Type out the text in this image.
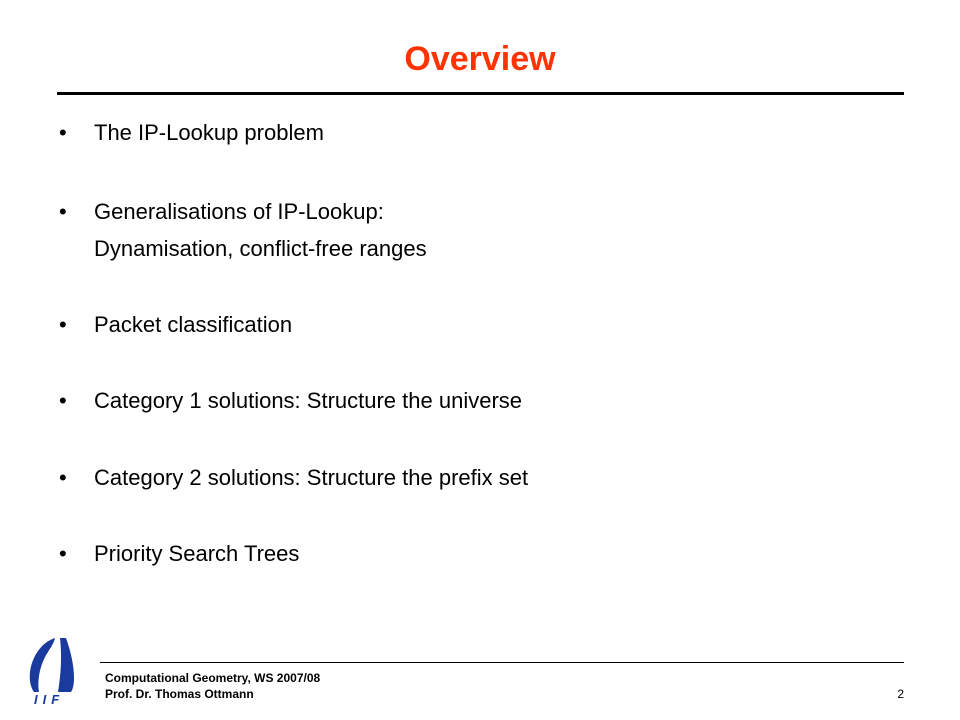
Overview
•	The IP-Lookup problem
•	Generalisations of IP-Lookup:
Dynamisation, conflict-free ranges
•	Packet classification
•	Category 1 solutions: Structure the universe
•	Category 2 solutions: Structure the prefix set
•	Priority Search Trees
IIF
Computational Geometry, WS 2007/08
Prof. Dr. Thomas Ottmann	2
